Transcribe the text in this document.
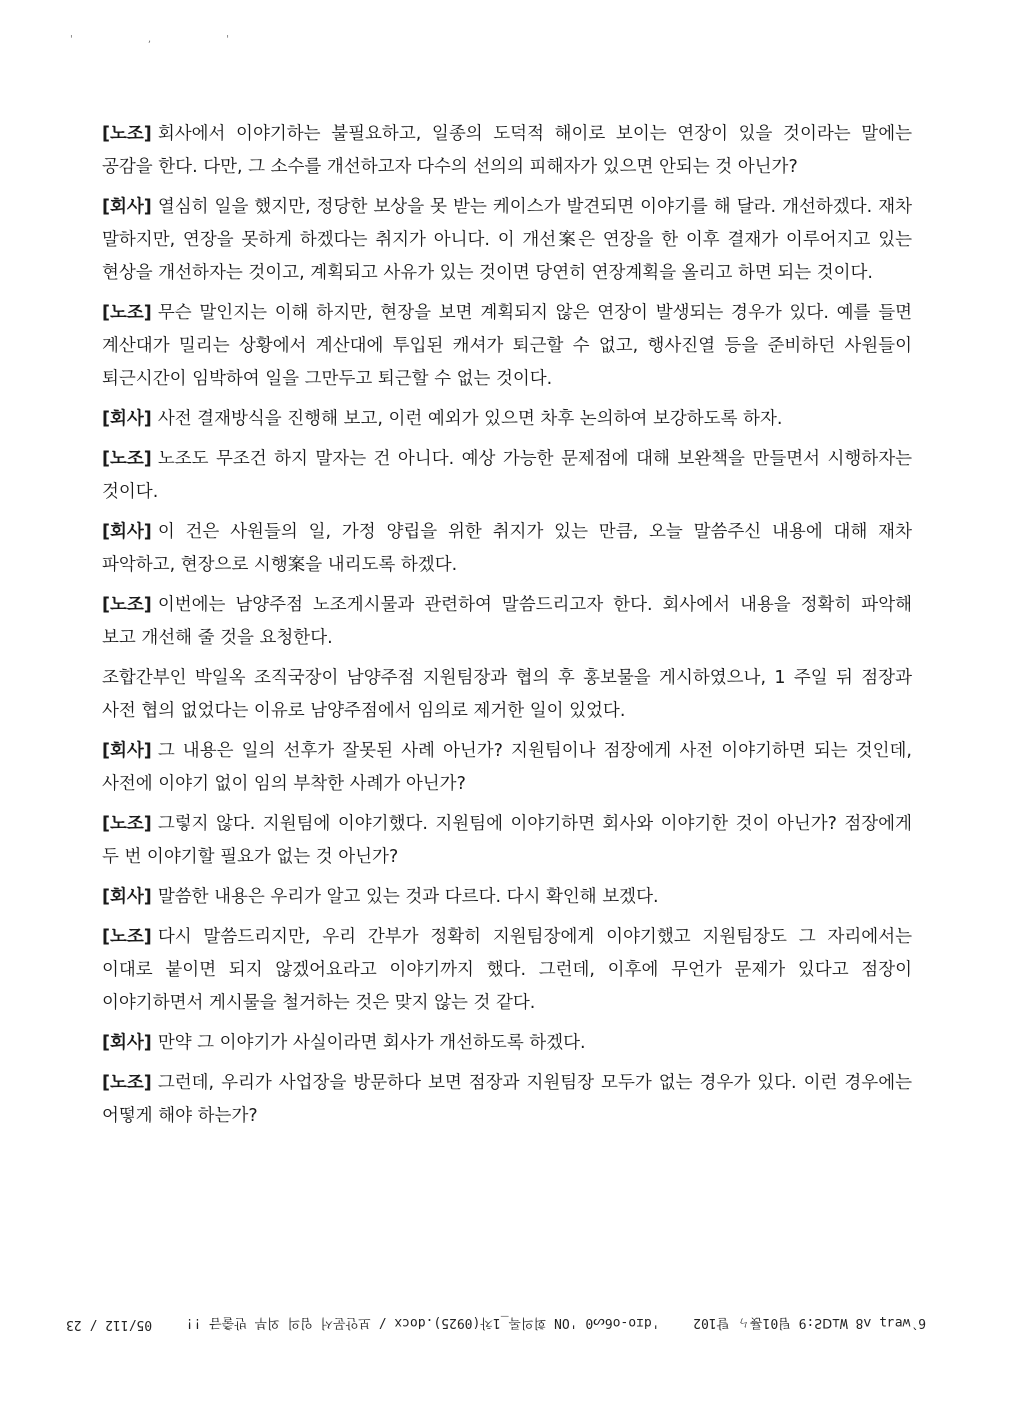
' , '

[노조] 회사에서 이야기하는 불필요하고, 일종의 도덕적 해이로 보이는 연장이 있을 것이라는 말에는 공감을 한다. 다만, 그 소수를 개선하고자 다수의 선의의 피해자가 있으면 안되는 것 아닌가?

[회사] 열심히 일을 했지만, 정당한 보상을 못 받는 케이스가 발견되면 이야기를 해 달라. 개선하겠다. 재차 말하지만, 연장을 못하게 하겠다는 취지가 아니다. 이 개선案은 연장을 한 이후 결재가 이루어지고 있는 현상을 개선하자는 것이고, 계획되고 사유가 있는 것이면 당연히 연장계획을 올리고 하면 되는 것이다.

[노조] 무슨 말인지는 이해 하지만, 현장을 보면 계획되지 않은 연장이 발생되는 경우가 있다. 예를 들면 계산대가 밀리는 상황에서 계산대에 투입된 캐셔가 퇴근할 수 없고, 행사진열 등을 준비하던 사원들이 퇴근시간이 임박하여 일을 그만두고 퇴근할 수 없는 것이다.

[회사] 사전 결재방식을 진행해 보고, 이런 예외가 있으면 차후 논의하여 보강하도록 하자.

[노조] 노조도 무조건 하지 말자는 건 아니다. 예상 가능한 문제점에 대해 보완책을 만들면서 시행하자는 것이다.

[회사] 이 건은 사원들의 일, 가정 양립을 위한 취지가 있는 만큼, 오늘 말씀주신 내용에 대해 재차 파악하고, 현장으로 시행案을 내리도록 하겠다.

[노조] 이번에는 남양주점 노조게시물과 관련하여 말씀드리고자 한다. 회사에서 내용을 정확히 파악해 보고 개선해 줄 것을 요청한다.

조합간부인 박일옥 조직국장이 남양주점 지원팀장과 협의 후 홍보물을 게시하였으나, 1 주일 뒤 점장과 사전 협의 없었다는 이유로 남양주점에서 임의로 제거한 일이 있었다.

[회사] 그 내용은 일의 선후가 잘못된 사례 아닌가? 지원팀이나 점장에게 사전 이야기하면 되는 것인데, 사전에 이야기 없이 임의 부착한 사례가 아닌가?

[노조] 그렇지 않다. 지원팀에 이야기했다. 지원팀에 이야기하면 회사와 이야기한 것이 아닌가? 점장에게 두 번 이야기할 필요가 없는 것 아닌가?

[회사] 말씀한 내용은 우리가 알고 있는 것과 다르다. 다시 확인해 보겠다.

[노조] 다시 말씀드리지만, 우리 간부가 정확히 지원팀장에게 이야기했고 지원팀장도 그 자리에서는 이대로 붙이면 되지 않겠어요라고 이야기까지 했다. 그런데, 이후에 무언가 문제가 있다고 점장이 이야기하면서 게시물을 철거하는 것은 맞지 않는 것 같다.

[회사] 만약 그 이야기가 사실이라면 회사가 개선하도록 하겠다.

[노조] 그런데, 우리가 사업장을 방문하다 보면 점장과 지원팀장 모두가 없는 경우가 있다. 이런 경우에는 어떻게 해야 하는가?

6`wɐɹʇ ʌ8 W⊥ᗡƧ:9 팀01룑ㄣ 탈102
'dɪo-o6ᔕ0 'ON 회의록_1차(0925).docx / 보안문서 임의 외부 반출금 !!
05/112 / 23
